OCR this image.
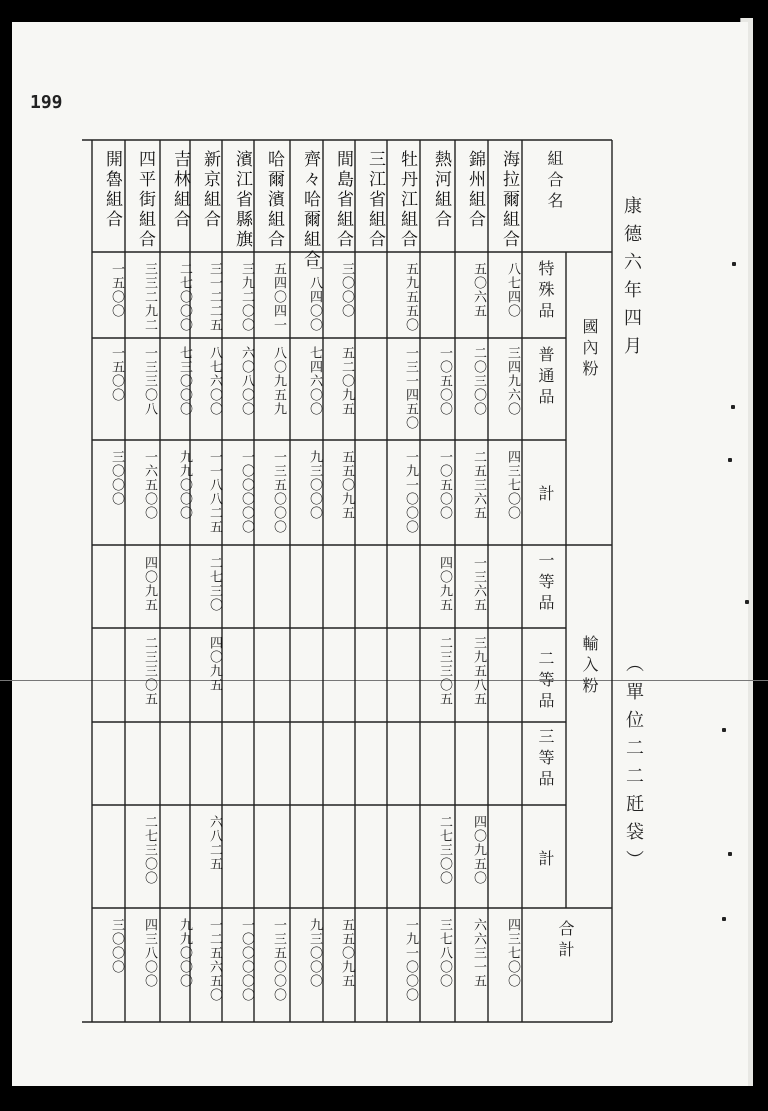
199
康德六年四月
（單位二二瓩袋）
組合名
國內粉
輸入粉
合計
特殊品
普通品
計
一等品
二等品
三等品
計
海拉爾組合
錦州組合
熱河組合
牡丹江組合
三江省組合
間島省組合
齊々哈爾組合
哈爾濱組合
濱江省縣旗
新京組合
吉林組合
四平街組合
開魯組合
八七四〇
三四九六〇
四三七〇〇
四三七〇〇
五〇六五
二〇三〇〇
二五三六五
一三六五
三九五八五
四〇九五〇
六六三一五
一〇五〇〇
一〇五〇〇
四〇九五
二三三〇五
二七三〇〇
三七八〇〇
五九五五〇
一三一四五〇
一九一〇〇〇
一九一〇〇〇
三〇〇〇
五二〇九五
五五〇九五
五五〇九五
一八四〇〇
七四六〇〇
九三〇〇〇
九三〇〇〇
五四〇四一
八〇九五九
一三五〇〇〇
一三五〇〇〇
三九二〇〇
六〇八〇〇
一〇〇〇〇〇
一〇〇〇〇〇
三一二二五
八七六〇〇
一一八八二五
二七三〇
四〇九五
六八二五
一二五六五〇
二七〇〇〇
七三〇〇〇
九九〇〇〇
九九〇〇〇
三三二九二
一三三〇八
一六五〇〇
四〇九五
二三三〇五
二七三〇〇
四三八〇〇
一五〇〇
一五〇〇
三〇〇〇
三〇〇〇
